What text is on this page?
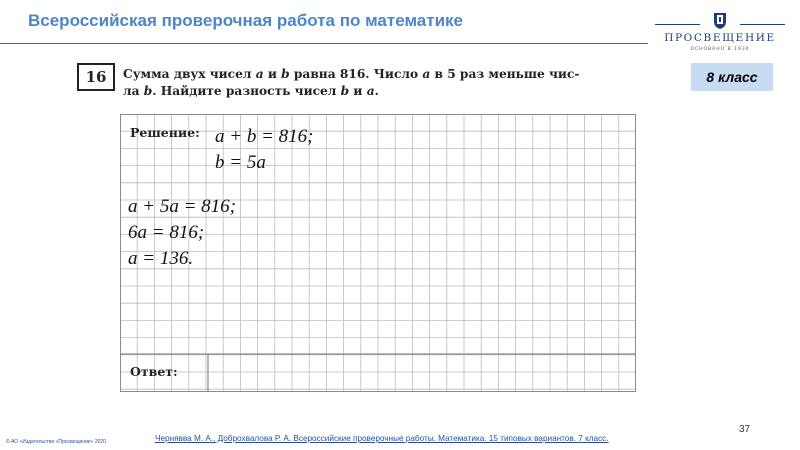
Всероссийская проверочная работа по математике
ПРОСВЕЩЕНИЕ
ОСНОВАНО В 1930
8 класс
16	Сумма двух чисел a и b равна 816. Число a в 5 раз меньше чис-
ла b. Найдите разность чисел b и a.
Решение:
Ответ:
a + b = 816;
b = 5a
a + 5a = 816;
6a = 816;
a = 136.
37
Чернявва М. А., Доброхвалова Р. А. Всероссийские проверочные работы. Математика. 15 типовых вариантов. 7 класс.
© АО «Издательство «Просвещение» 2020
